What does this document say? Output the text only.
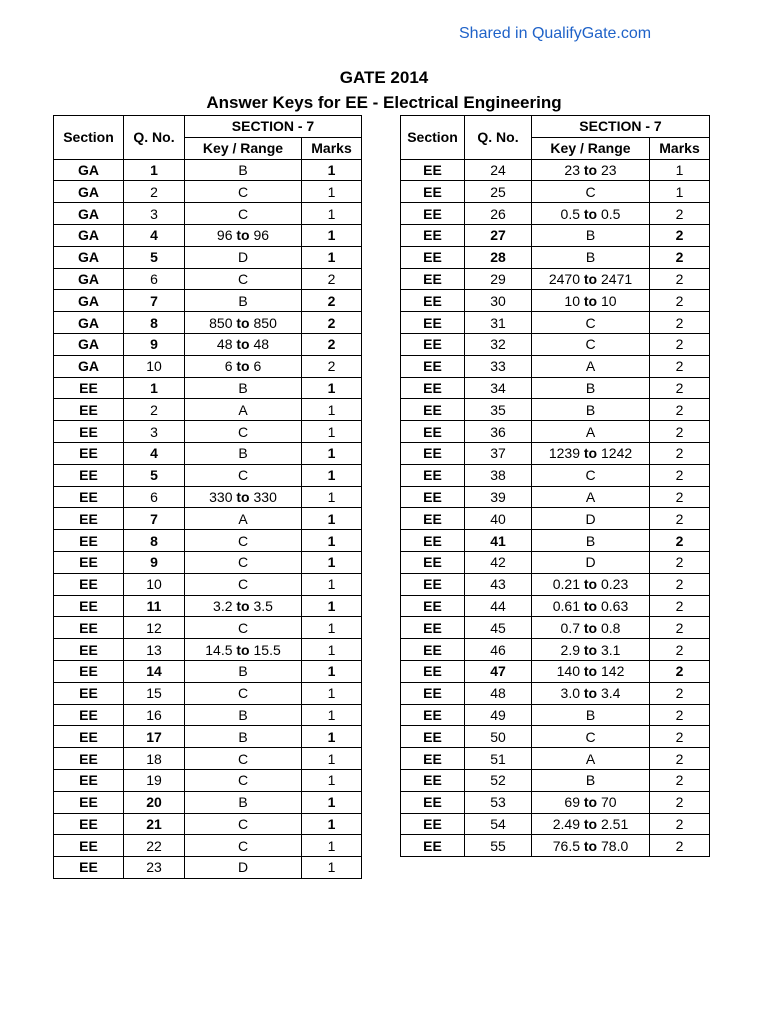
Shared in QualifyGate.com
GATE 2014
Answer Keys for EE - Electrical Engineering
Section	Q. No.	SECTION - 7	
		Key / Range	Marks
GA	1	B	1
GA	2	C	1
GA	3	C	1
GA	4	96 to 96	1
GA	5	D	1
GA	6	C	2
GA	7	B	2
GA	8	850 to 850	2
GA	9	48 to 48	2
GA	10	6 to 6	2
EE	1	B	1
EE	2	A	1
EE	3	C	1
EE	4	B	1
EE	5	C	1
EE	6	330 to 330	1
EE	7	A	1
EE	8	C	1
EE	9	C	1
EE	10	C	1
EE	11	3.2 to 3.5	1
EE	12	C	1
EE	13	14.5 to 15.5	1
EE	14	B	1
EE	15	C	1
EE	16	B	1
EE	17	B	1
EE	18	C	1
EE	19	C	1
EE	20	B	1
EE	21	C	1
EE	22	C	1
EE	23	D	1
Section	Q. No.	SECTION - 7	
		Key / Range	Marks
EE	24	23 to 23	1
EE	25	C	1
EE	26	0.5 to 0.5	2
EE	27	B	2
EE	28	B	2
EE	29	2470 to 2471	2
EE	30	10 to 10	2
EE	31	C	2
EE	32	C	2
EE	33	A	2
EE	34	B	2
EE	35	B	2
EE	36	A	2
EE	37	1239 to 1242	2
EE	38	C	2
EE	39	A	2
EE	40	D	2
EE	41	B	2
EE	42	D	2
EE	43	0.21 to 0.23	2
EE	44	0.61 to 0.63	2
EE	45	0.7 to 0.8	2
EE	46	2.9 to 3.1	2
EE	47	140 to 142	2
EE	48	3.0 to 3.4	2
EE	49	B	2
EE	50	C	2
EE	51	A	2
EE	52	B	2
EE	53	69 to 70	2
EE	54	2.49 to 2.51	2
EE	55	76.5 to 78.0	2
